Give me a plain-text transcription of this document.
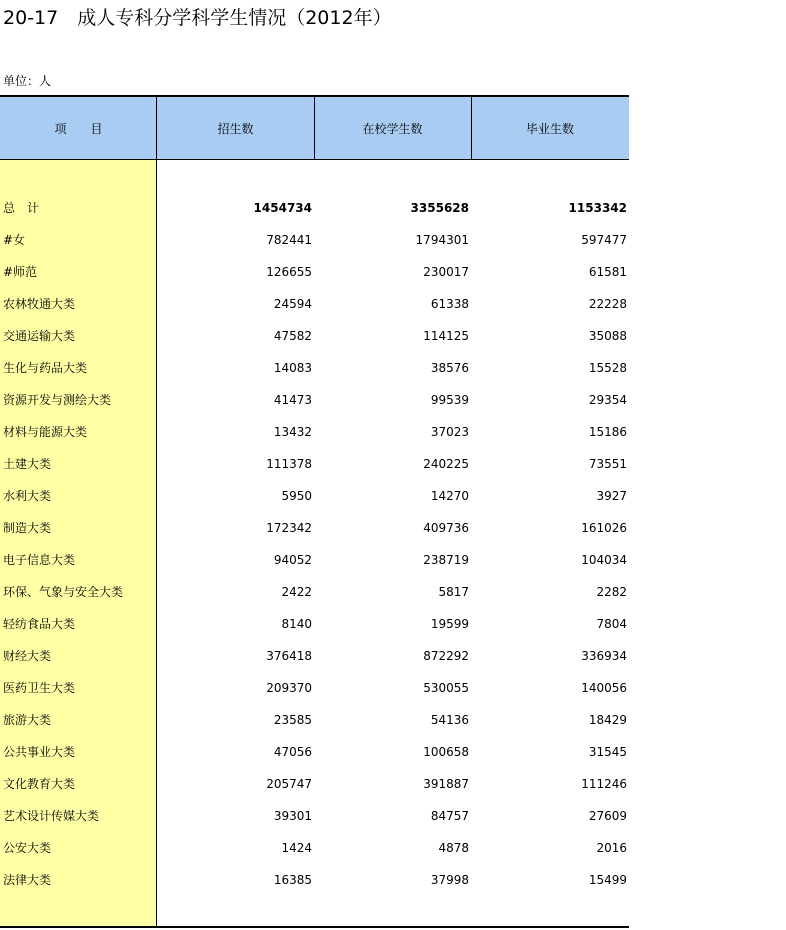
20-17　成人专科分学科学生情况（2012年）
单位：人
项　　目	招生数	在校学生数	毕业生数
总　计	1454734	3355628	1153342
#女	782441	1794301	597477
#师范	126655	230017	61581
农林牧通大类	24594	61338	22228
交通运输大类	47582	114125	35088
生化与药品大类	14083	38576	15528
资源开发与测绘大类	41473	99539	29354
材料与能源大类	13432	37023	15186
土建大类	111378	240225	73551
水利大类	5950	14270	3927
制造大类	172342	409736	161026
电子信息大类	94052	238719	104034
环保、气象与安全大类	2422	5817	2282
轻纺食品大类	8140	19599	7804
财经大类	376418	872292	336934
医药卫生大类	209370	530055	140056
旅游大类	23585	54136	18429
公共事业大类	47056	100658	31545
文化教育大类	205747	391887	111246
艺术设计传媒大类	39301	84757	27609
公安大类	1424	4878	2016
法律大类	16385	37998	15499
